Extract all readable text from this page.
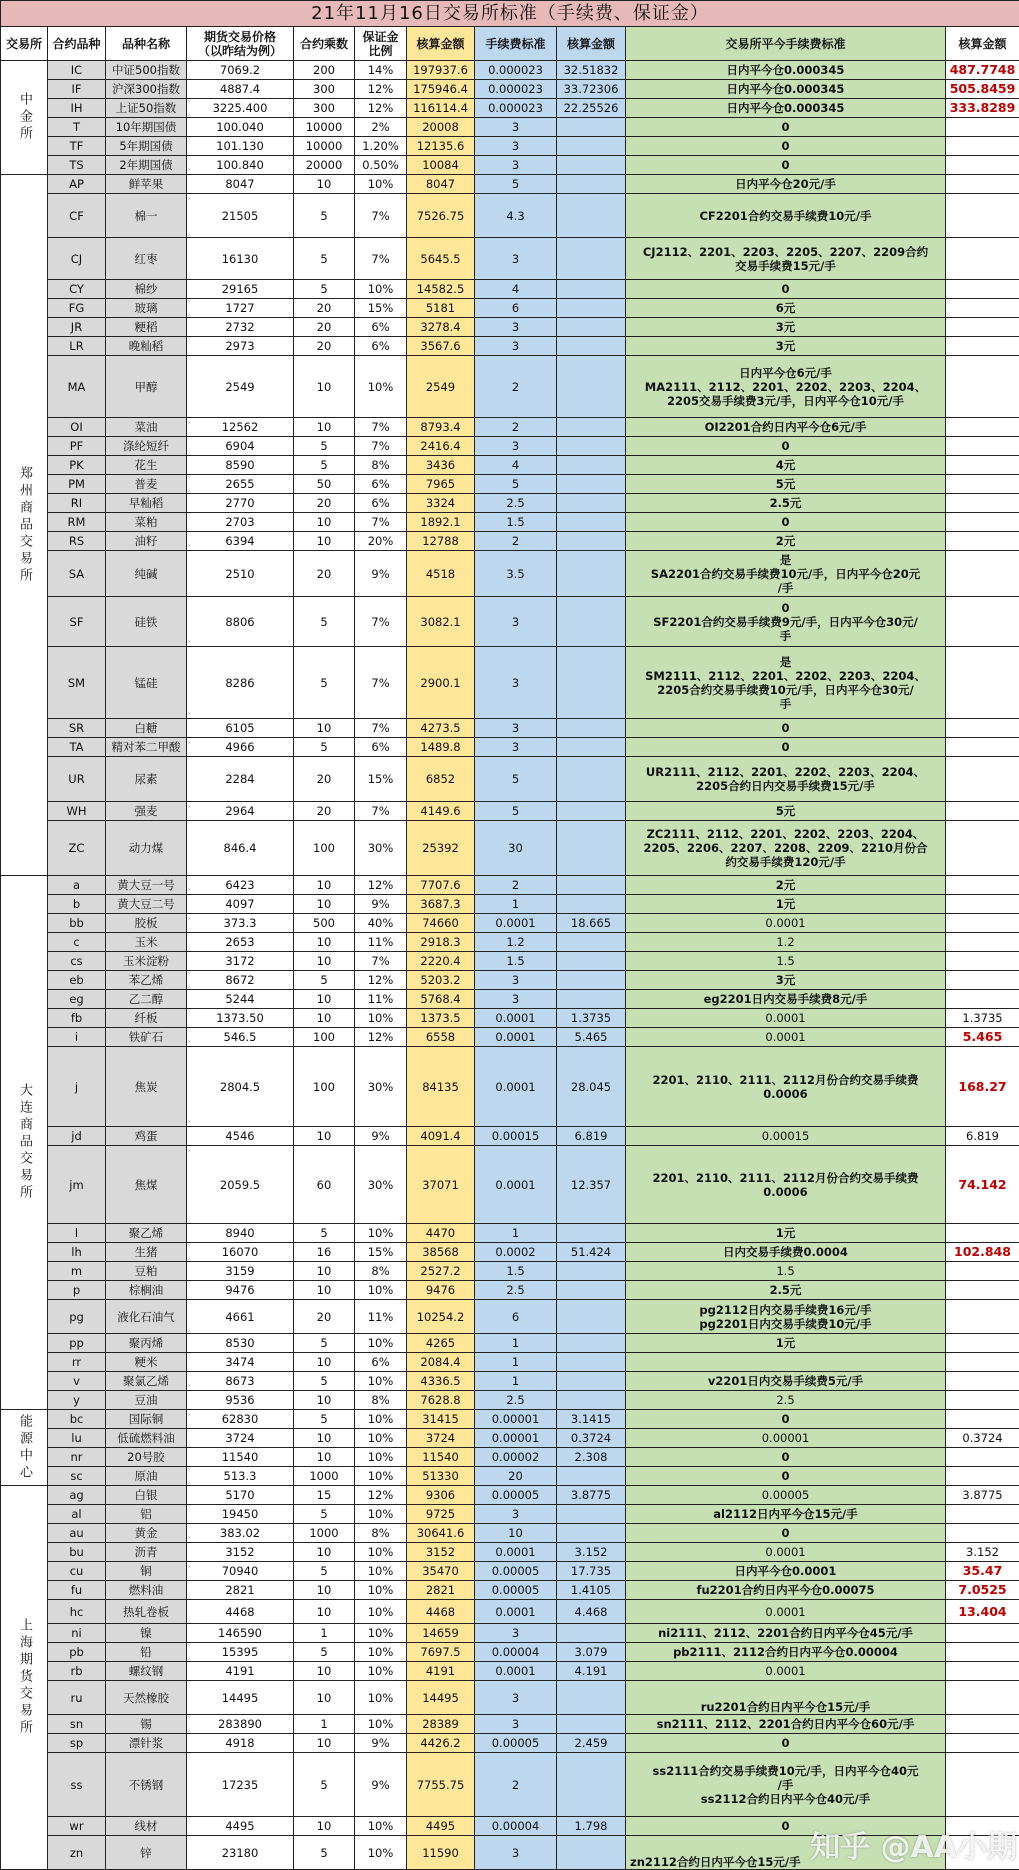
21年11月16日交易所标准（手续费、保证金）										
交易所	合约品种	品种名称	期货交易价格
（以昨结为例）	合约乘数	保证金
比例	核算金额	手续费标准	核算金额	交易所平今手续费标准	核算金额
中金所	IC	中证500指数	7069.2	200	14%	197937.6	0.000023	32.51832	日内平今仓0.000345	487.7748
	IF	沪深300指数	4887.4	300	12%	175946.4	0.000023	33.72306	日内平今仓0.000345	505.8459
	IH	上证50指数	3225.400	300	12%	116114.4	0.000023	22.25526	日内平今仓0.000345	333.8289
	T	10年期国债	100.040	10000	2%	20008	3		0	
	TF	5年期国债	101.130	10000	1.20%	12135.6	3		0	
	TS	2年期国债	100.840	20000	0.50%	10084	3		0	
郑州商品交易所	AP	鲜苹果	8047	10	10%	8047	5		日内平今仓20元/手	
	CF	棉一	21505	5	7%	7526.75	4.3		CF2201合约交易手续费10元/手	
	CJ	红枣	16130	5	7%	5645.5	3		CJ2112、2201、2203、2205、2207、2209合约
交易手续费15元/手	
	CY	棉纱	29165	5	10%	14582.5	4		0	
	FG	玻璃	1727	20	15%	5181	6		6元	
	JR	粳稻	2732	20	6%	3278.4	3		3元	
	LR	晚籼稻	2973	20	6%	3567.6	3		3元	
	MA	甲醇	2549	10	10%	2549	2		日内平今仓6元/手
MA2111、2112、2201、2202、2203、2204、
2205交易手续费3元/手，日内平今仓10元/手	
	OI	菜油	12562	10	7%	8793.4	2		OI2201合约日内平今仓6元/手	
	PF	涤纶短纤	6904	5	7%	2416.4	3		0	
	PK	花生	8590	5	8%	3436	4		4元	
	PM	普麦	2655	50	6%	7965	5		5元	
	RI	早籼稻	2770	20	6%	3324	2.5		2.5元	
	RM	菜粕	2703	10	7%	1892.1	1.5		0	
	RS	油籽	6394	10	20%	12788	2		2元	
	SA	纯碱	2510	20	9%	4518	3.5		是
SA2201合约交易手续费10元/手，日内平今仓20元
/手	
	SF	硅铁	8806	5	7%	3082.1	3		0
SF2201合约交易手续费9元/手，日内平今仓30元/
手	
	SM	锰硅	8286	5	7%	2900.1	3		是
SM2111、2112、2201、2202、2203、2204、
2205合约交易手续费10元/手，日内平今仓30元/
手	
	SR	白糖	6105	10	7%	4273.5	3		0	
	TA	精对苯二甲酸	4966	5	6%	1489.8	3		0	
	UR	尿素	2284	20	15%	6852	5		UR2111、2112、2201、2202、2203、2204、
2205合约日内交易手续费15元/手	
	WH	强麦	2964	20	7%	4149.6	5		5元	
	ZC	动力煤	846.4	100	30%	25392	30		ZC2111、2112、2201、2202、2203、2204、
2205、2206、2207、2208、2209、2210月份合
约交易手续费120元/手	
大连商品交易所	a	黄大豆一号	6423	10	12%	7707.6	2		2元	
	b	黄大豆二号	4097	10	9%	3687.3	1		1元	
	bb	胶板	373.3	500	40%	74660	0.0001	18.665	0.0001	
	c	玉米	2653	10	11%	2918.3	1.2		1.2	
	cs	玉米淀粉	3172	10	7%	2220.4	1.5		1.5	
	eb	苯乙烯	8672	5	12%	5203.2	3		3元	
	eg	乙二醇	5244	10	11%	5768.4	3		eg2201日内交易手续费8元/手	
	fb	纤板	1373.50	10	10%	1373.5	0.0001	1.3735	0.0001	1.3735
	i	铁矿石	546.5	100	12%	6558	0.0001	5.465	0.0001	5.465
	j	焦炭	2804.5	100	30%	84135	0.0001	28.045	2201、2110、2111、2112月份合约交易手续费
0.0006	168.27
	jd	鸡蛋	4546	10	9%	4091.4	0.00015	6.819	0.00015	6.819
	jm	焦煤	2059.5	60	30%	37071	0.0001	12.357	2201、2110、2111、2112月份合约交易手续费
0.0006	74.142
	l	聚乙烯	8940	5	10%	4470	1		1元	
	lh	生猪	16070	16	15%	38568	0.0002	51.424	日内交易手续费0.0004	102.848
	m	豆粕	3159	10	8%	2527.2	1.5		1.5	
	p	棕榈油	9476	10	10%	9476	2.5		2.5元	
	pg	液化石油气	4661	20	11%	10254.2	6		pg2112日内交易手续费16元/手
pg2201日内交易手续费10元/手	
	pp	聚丙烯	8530	5	10%	4265	1		1元	
	rr	粳米	3474	10	6%	2084.4	1			
	v	聚氯乙烯	8673	5	10%	4336.5	1		v2201日内交易手续费5元/手	
	y	豆油	9536	10	8%	7628.8	2.5		2.5	
能源中心	bc	国际铜	62830	5	10%	31415	0.00001	3.1415	0	
	lu	低硫燃料油	3724	10	10%	3724	0.00001	0.3724	0.00001	0.3724
	nr	20号胶	11540	10	10%	11540	0.00002	2.308	0	
	sc	原油	513.3	1000	10%	51330	20		0	
上海期货交易所	ag	白银	5170	15	12%	9306	0.00005	3.8775	0.00005	3.8775
	al	铝	19450	5	10%	9725	3		al2112日内平今仓15元/手	
	au	黄金	383.02	1000	8%	30641.6	10		0	
	bu	沥青	3152	10	10%	3152	0.0001	3.152	0.0001	3.152
	cu	铜	70940	5	10%	35470	0.00005	17.735	日内平今仓0.0001	35.47
	fu	燃料油	2821	10	10%	2821	0.00005	1.4105	fu2201合约日内平今仓0.00075	7.0525
	hc	热轧卷板	4468	10	10%	4468	0.0001	4.468	0.0001	13.404
	ni	镍	146590	1	10%	14659	3		ni2111、2112、2201合约日内平今仓45元/手	
	pb	铅	15395	5	10%	7697.5	0.00004	3.079	pb2111、2112合约日内平今仓0.00004	
	rb	螺纹钢	4191	10	10%	4191	0.0001	4.191	0.0001	
	ru	天然橡胶	14495	10	10%	14495	3		ru2201合约日内平今仓15元/手	
	sn	锡	283890	1	10%	28389	3		sn2111、2112、2201合约日内平今仓60元/手	
	sp	漂针浆	4918	10	9%	4426.2	0.00005	2.459	0	
	ss	不锈钢	17235	5	9%	7755.75	2		ss2111合约交易手续费10元/手，日内平今仓40元
/手
ss2112合约日内平今仓40元/手	
	wr	线材	4495	10	10%	4495	0.00004	1.798	0	
	zn	锌	23180	5	10%	11590	3		zn2112合约日内平今仓15元/手	知乎 @AA小期
